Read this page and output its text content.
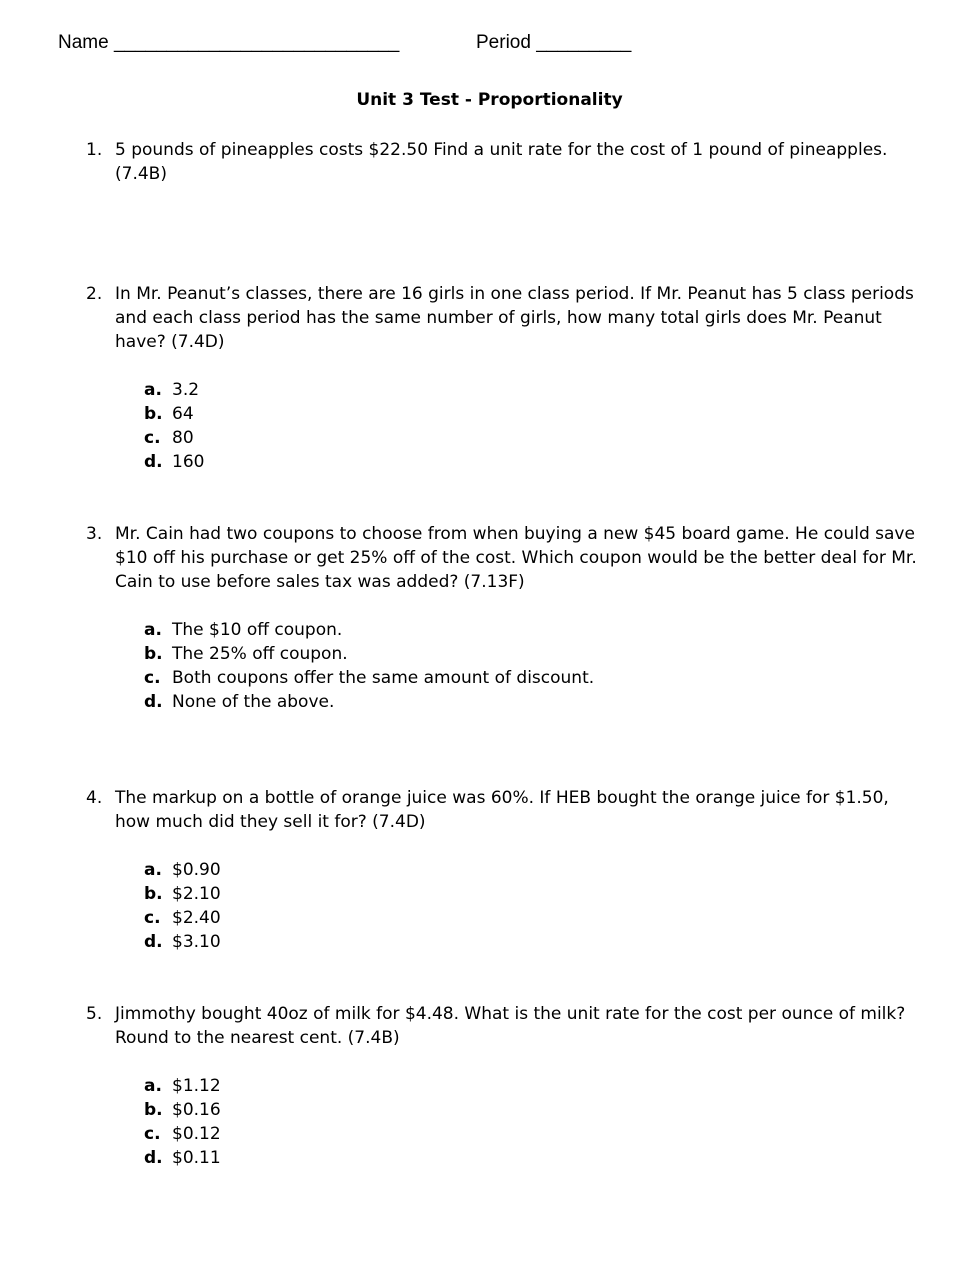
Name ___________________________	Period _________
Unit 3 Test - Proportionality
1. 5 pounds of pineapples costs $22.50 Find a unit rate for the cost of 1 pound of pineapples. (7.4B)
2. In Mr. Peanut’s classes, there are 16 girls in one class period. If Mr. Peanut has 5 class periods and each class period has the same number of girls, how many total girls does Mr. Peanut have? (7.4D)
a. 3.2
b. 64
c. 80
d. 160
3. Mr. Cain had two coupons to choose from when buying a new $45 board game. He could save $10 off his purchase or get 25% off of the cost. Which coupon would be the better deal for Mr. Cain to use before sales tax was added? (7.13F)
a. The $10 off coupon.
b. The 25% off coupon.
c. Both coupons offer the same amount of discount.
d. None of the above.
4. The markup on a bottle of orange juice was 60%. If HEB bought the orange juice for $1.50, how much did they sell it for? (7.4D)
a. $0.90
b. $2.10
c. $2.40
d. $3.10
5. Jimmothy bought 40oz of milk for $4.48. What is the unit rate for the cost per ounce of milk? Round to the nearest cent. (7.4B)
a. $1.12
b. $0.16
c. $0.12
d. $0.11
